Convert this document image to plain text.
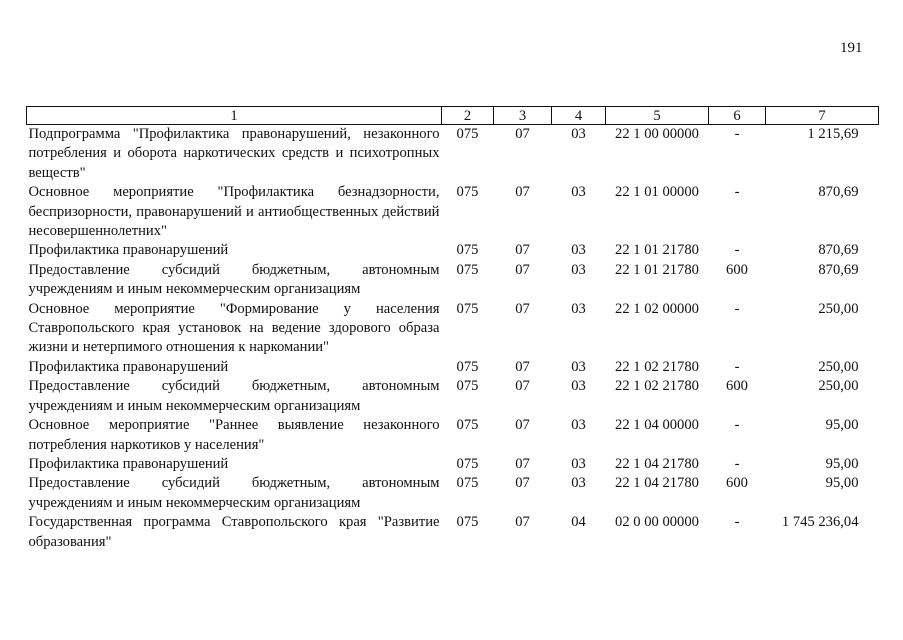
191
1	2	3	4	5	6	7
Подпрограмма "Профилактика правонарушений, незаконного потребления и оборота наркотических средств и психотропных веществ"	075	07	03	22 1 00 00000	-	1 215,69
Основное мероприятие "Профилактика безнадзорности, беспризорности, правонарушений и антиобщественных действий несовершеннолетних"	075	07	03	22 1 01 00000	-	870,69
Профилактика правонарушений	075	07	03	22 1 01 21780	-	870,69
Предоставление субсидий бюджетным, автономным учреждениям и иным некоммерческим организациям	075	07	03	22 1 01 21780	600	870,69
Основное мероприятие "Формирование у населения Ставропольского края установок на ведение здорового образа жизни и нетерпимого отношения к наркомании"	075	07	03	22 1 02 00000	-	250,00
Профилактика правонарушений	075	07	03	22 1 02 21780	-	250,00
Предоставление субсидий бюджетным, автономным учреждениям и иным некоммерческим организациям	075	07	03	22 1 02 21780	600	250,00
Основное мероприятие "Раннее выявление незаконного потребления наркотиков у населения"	075	07	03	22 1 04 00000	-	95,00
Профилактика правонарушений	075	07	03	22 1 04 21780	-	95,00
Предоставление субсидий бюджетным, автономным учреждениям и иным некоммерческим организациям	075	07	03	22 1 04 21780	600	95,00
Государственная программа Ставропольского края "Развитие образования"	075	07	04	02 0 00 00000	-	1 745 236,04
